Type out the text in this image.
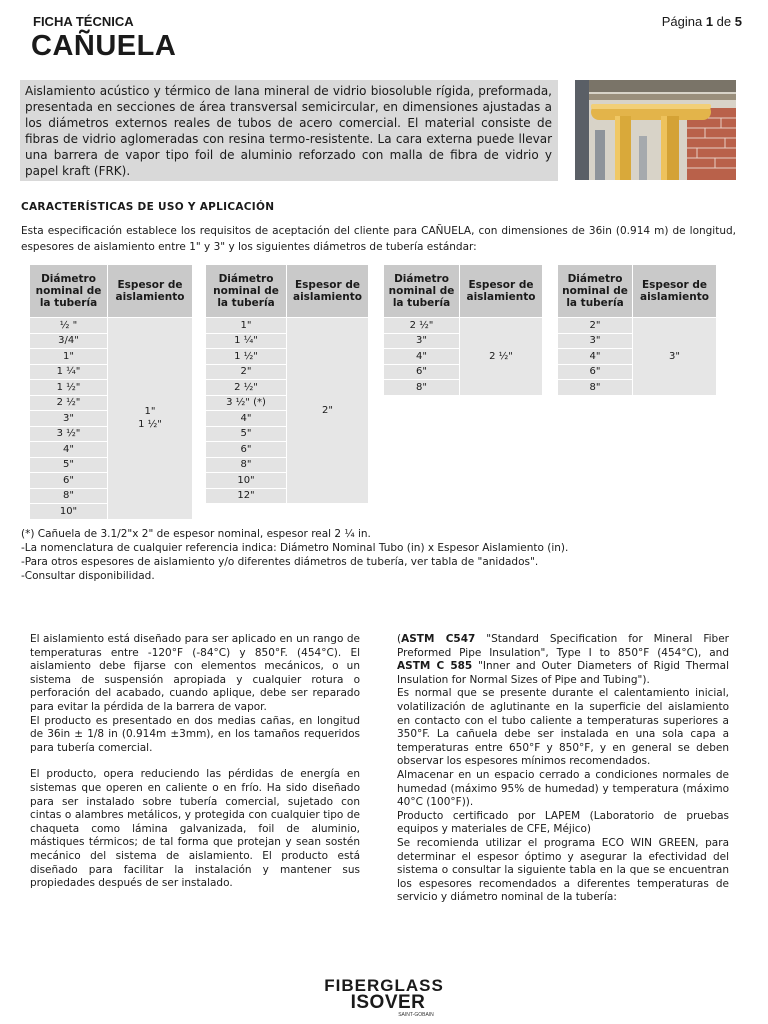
FICHA TÉCNICA
CAÑUELA
Página 1 de 5
Aislamiento acústico y térmico de lana mineral de vidrio biosoluble rígida, preformada, presentada en secciones de área transversal semicircular, en dimensiones ajustadas a los diámetros externos reales de tubos de acero comercial. El material consiste de fibras de vidrio aglomeradas con resina termo-resistente. La cara externa puede llevar una barrera de vapor tipo foil de aluminio reforzado con malla de fibra de vidrio y papel kraft (FRK).
CARACTERÍSTICAS DE USO Y APLICACIÓN
Esta especificación establece los requisitos de aceptación del cliente para CAÑUELA, con dimensiones de 36in (0.914 m) de longitud, espesores de aislamiento entre 1" y 3" y los siguientes diámetros de tubería estándar:
Diámetro nominal de la tubería	Espesor de aislamiento
½ "	1"
1 ½"

3/4"	
1"	
1 ¼"	
1 ½"	
2 ½"	
3"	
3 ½"	
4"	
5"	
6"	
8"	
10"	
Diámetro nominal de la tubería	Espesor de aislamiento
1"	2"
1 ¼"	
1 ½"	
2"	
2 ½"	
3 ½" (*)	
4"	
5"	
6"	
8"	
10"	
12"	
Diámetro nominal de la tubería	Espesor de aislamiento
2 ½"	2 ½"
3"	
4"	
6"	
8"	
Diámetro nominal de la tubería	Espesor de aislamiento
2"	3"
3"	
4"	
6"	
8"	

(*) Cañuela de 3.1/2"x 2" de espesor nominal, espesor real 2 ¼ in.

-La nomenclatura de cualquier referencia indica: Diámetro Nominal Tubo (in) x Espesor Aislamiento (in).

-Para otros espesores de aislamiento y/o diferentes diámetros de tubería, ver tabla de "anidados".

-Consultar disponibilidad.

El aislamiento está diseñado para ser aplicado en un rango de temperaturas entre -120°F (-84°C) y 850°F. (454°C). El aislamiento debe fijarse con elementos mecánicos, o un sistema de suspensión apropiada y cualquier rotura o perforación del acabado, cuando aplique, debe ser reparado para evitar la pérdida de la barrera de vapor.

El producto es presentado en dos medias cañas, en longitud de 36in ± 1/8 in (0.914m ±3mm), en los tamaños requeridos para tubería comercial.

El producto, opera reduciendo las pérdidas de energía en sistemas que operen en caliente o en frío. Ha sido diseñado para ser instalado sobre tubería comercial, sujetado con cintas o alambres metálicos, y protegida con cualquier tipo de chaqueta como lámina galvanizada, foil de aluminio, mástiques térmicos; de tal forma que protejan y sean sostén mecánico del sistema de aislamiento. El producto está diseñado para facilitar la instalación y mantener sus propiedades después de ser instalado.

(ASTM C547 "Standard Specification for Mineral Fiber Preformed Pipe Insulation", Type I to 850°F (454°C), and ASTM C 585 "Inner and Outer Diameters of Rigid Thermal Insulation for Normal Sizes of Pipe and Tubing").

Es normal que se presente durante el calentamiento inicial, volatilización de aglutinante en la superficie del aislamiento en contacto con el tubo caliente a temperaturas superiores a 350°F. La cañuela debe ser instalada en una sola capa a temperaturas entre 650°F y 850°F, y en general se deben observar los espesores mínimos recomendados.

Almacenar en un espacio cerrado a condiciones normales de humedad (máximo 95% de humedad) y temperatura (máximo 40°C (100°F)).

Producto certificado por LAPEM (Laboratorio de pruebas equipos y materiales de CFE, Méjico)

Se recomienda utilizar el programa ECO WIN GREEN, para determinar el espesor óptimo y asegurar la efectividad del sistema o consultar la siguiente tabla en la que se encuentran los espesores recomendados a diferentes temperaturas de servicio y diámetro nominal de la tubería:

FIBERGLASS
ISOVER
SAINT-GOBAIN
